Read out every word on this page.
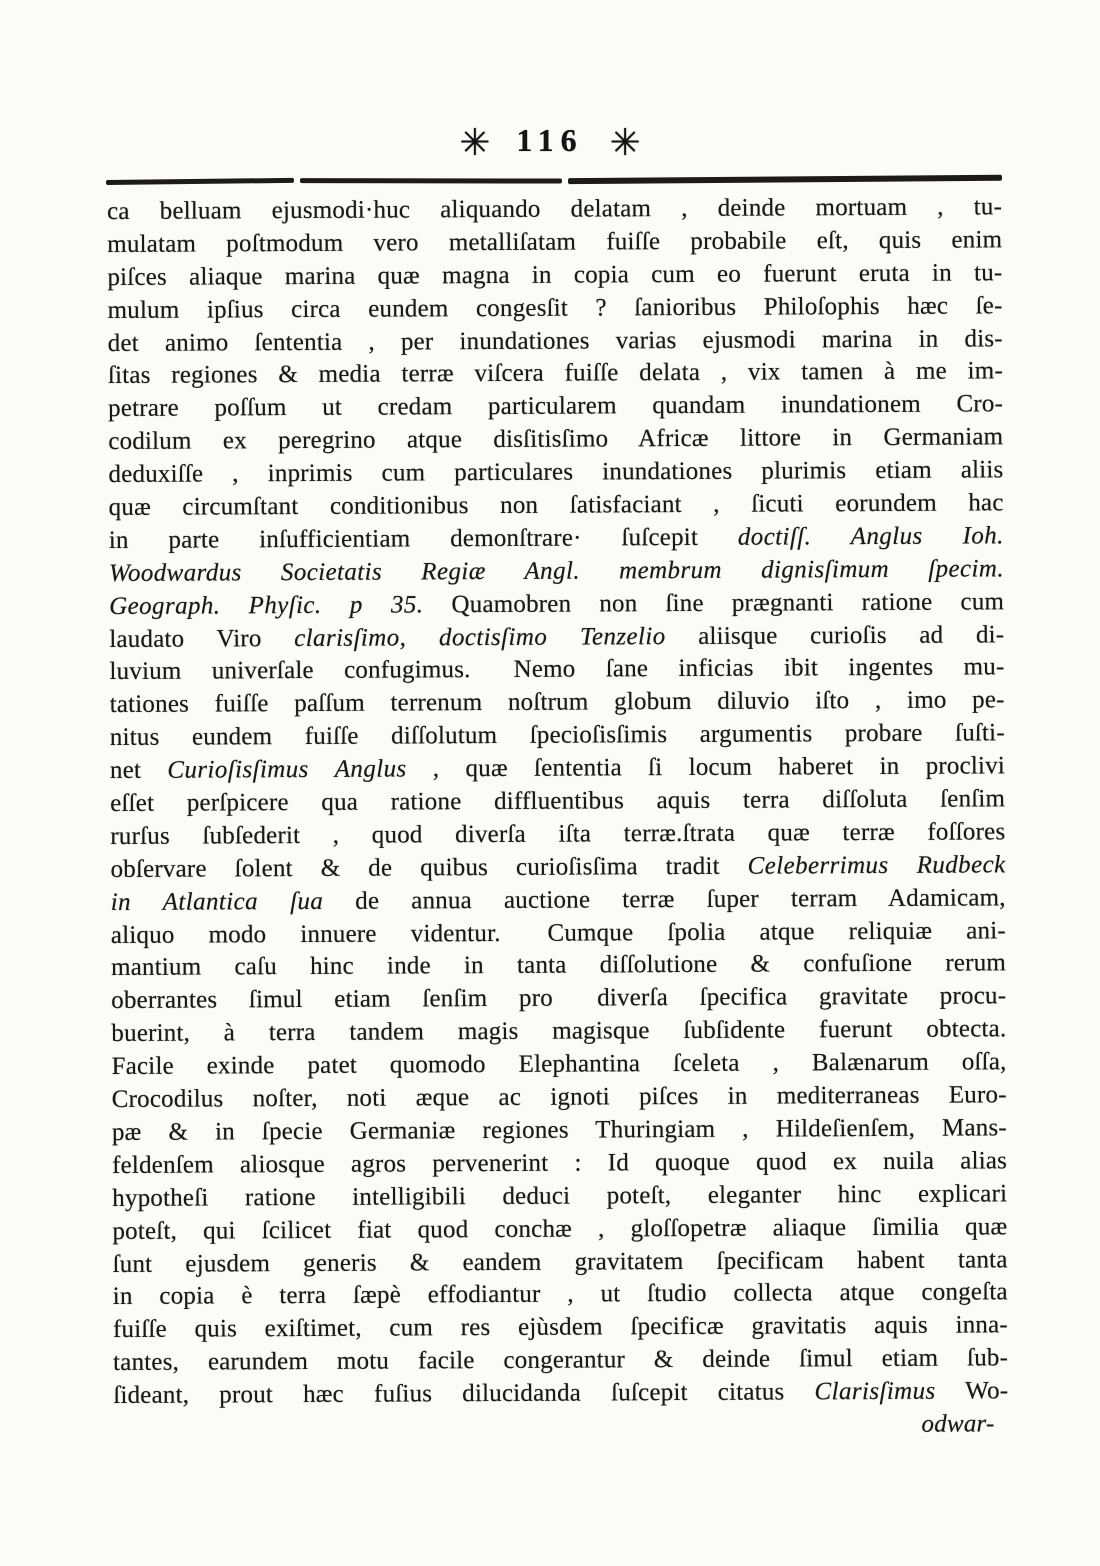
✳ 116 ✳
ca belluam ejusmodi·huc aliquando delatam , deinde mortuam , tu-
mulatam poſtmodum vero metalliſatam fuiſſe probabile eſt, quis enim
piſces aliaque marina quæ magna in copia cum eo fuerunt eruta in tu-
mulum ipſius circa eundem congesſit ? ſanioribus Philoſophis hæc ſe-
det animo ſententia , per inundationes varias ejusmodi marina in dis-
ſitas regiones & media terræ viſcera fuiſſe delata , vix tamen à me im-
petrare poſſum ut credam particularem quandam inundationem Cro-
codilum ex peregrino atque disſitisſimo Africæ littore in Germaniam
deduxiſſe , inprimis cum particulares inundationes plurimis etiam aliis
quæ circumſtant conditionibus non ſatisfaciant , ſicuti eorundem hac
in parte inſufficientiam demonſtrare· ſuſcepit doctiſſ. Anglus Ioh.
Woodwardus Societatis Regiæ Angl. membrum dignisſimum ſpecim.
Geograph. Phyſic. p 35. Quamobren non ſine prægnanti ratione cum
laudato Viro clarisſimo, doctisſimo Tenzelio aliisque curioſis ad di-
luvium univerſale confugimus.  Nemo ſane inficias ibit ingentes mu-
tationes fuiſſe paſſum terrenum noſtrum globum diluvio iſto , imo pe-
nitus eundem fuiſſe diſſolutum ſpecioſisſimis argumentis probare ſuſti-
net Curioſisſimus Anglus , quæ ſententia ſi locum haberet in proclivi
eſſet perſpicere qua ratione diffluentibus aquis terra diſſoluta ſenſim
rurſus ſubſederit , quod diverſa iſta terræ.ſtrata quæ terræ foſſores
obſervare ſolent & de quibus curioſisſima tradit Celeberrimus Rudbeck
in Atlantica ſua de annua auctione terræ ſuper terram Adamicam,
aliquo modo innuere videntur.  Cumque ſpolia atque reliquiæ ani-
mantium caſu hinc inde in tanta diſſolutione & confuſione rerum
oberrantes ſimul etiam ſenſim pro  diverſa ſpecifica gravitate procu-
buerint, à terra tandem magis magisque ſubſidente fuerunt obtecta.
Facile exinde patet quomodo Elephantina ſceleta , Balænarum oſſa,
Crocodilus noſter, noti æque ac ignoti piſces in mediterraneas Euro-
pæ & in ſpecie Germaniæ regiones Thuringiam , Hildeſienſem, Mans-
feldenſem aliosque agros pervenerint : Id quoque quod ex nuila alias
hypotheſi ratione intelligibili deduci poteſt, eleganter hinc explicari
poteſt, qui ſcilicet fiat quod conchæ , gloſſopetræ aliaque ſimilia quæ
ſunt ejusdem generis & eandem gravitatem ſpecificam habent tanta
in copia è terra ſæpè effodiantur , ut ſtudio collecta atque congeſta
fuiſſe quis exiſtimet, cum res ejùsdem ſpecificæ gravitatis aquis inna-
tantes, earundem motu facile congerantur & deinde ſimul etiam ſub-
ſideant, prout hæc fuſius dilucidanda ſuſcepit citatus Clarisſimus Wo-
odwar-
